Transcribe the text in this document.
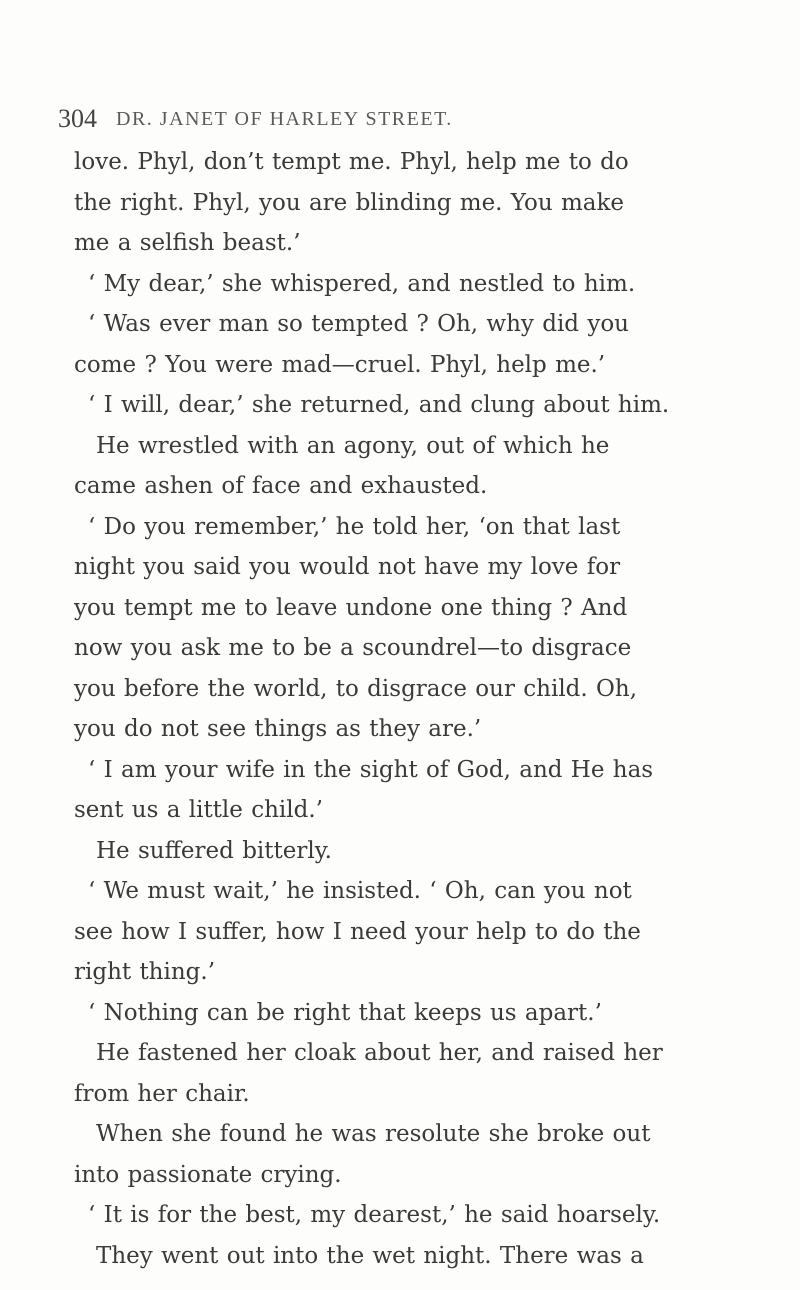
304 DR. JANET OF HARLEY STREET.
love. Phyl, don’t tempt me. Phyl, help me to do
the right. Phyl, you are blinding me. You make
me a selfish beast.’
‘ My dear,’ she whispered, and nestled to him.
‘ Was ever man so tempted ? Oh, why did you
come ? You were mad—cruel. Phyl, help me.’
‘ I will, dear,’ she returned, and clung about him.
He wrestled with an agony, out of which he
came ashen of face and exhausted.
‘ Do you remember,’ he told her, ‘on that last
night you said you would not have my love for
you tempt me to leave undone one thing ? And
now you ask me to be a scoundrel—to disgrace
you before the world, to disgrace our child. Oh,
you do not see things as they are.’
‘ I am your wife in the sight of God, and He has
sent us a little child.’
He suffered bitterly.
‘ We must wait,’ he insisted. ‘ Oh, can you not
see how I suffer, how I need your help to do the
right thing.’
‘ Nothing can be right that keeps us apart.’
He fastened her cloak about her, and raised her
from her chair.
When she found he was resolute she broke out
into passionate crying.
‘ It is for the best, my dearest,’ he said hoarsely.
They went out into the wet night. There was a
